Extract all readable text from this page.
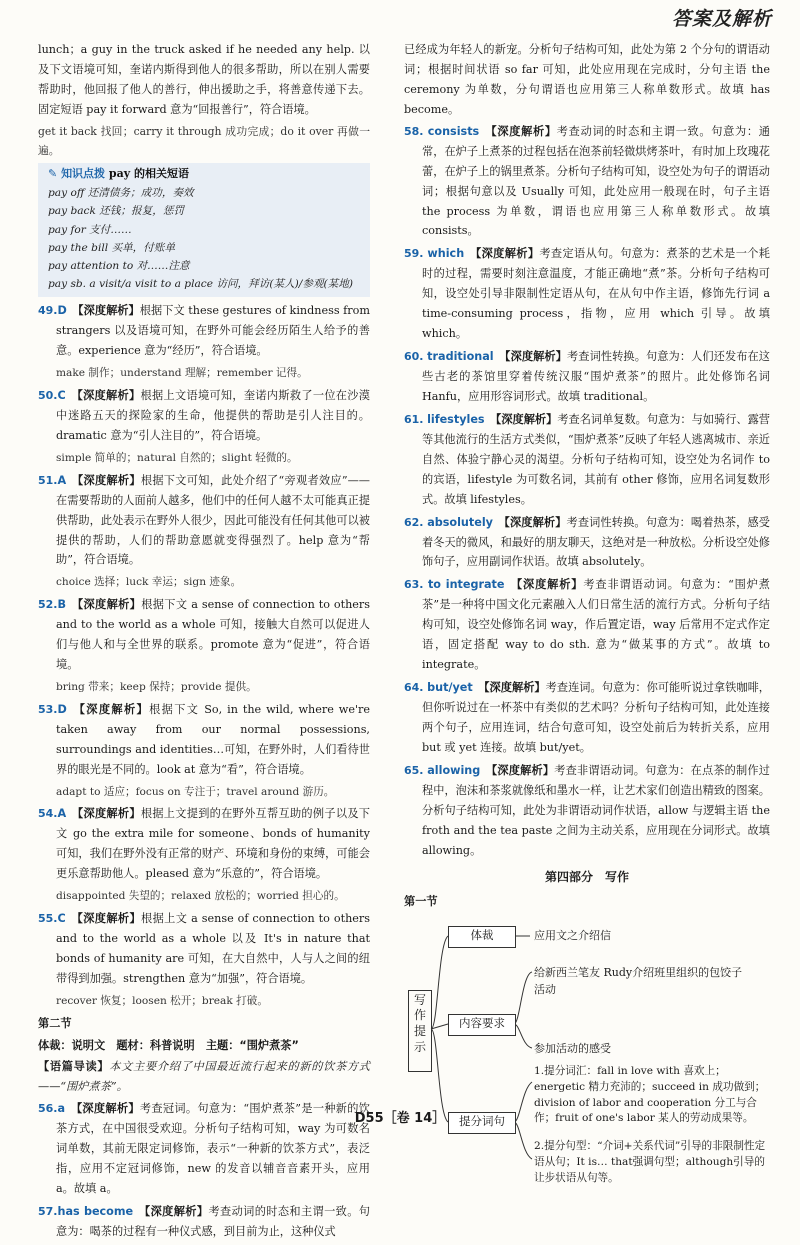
答案及解析

lunch；a guy in the truck asked if he needed any help. 以及下文语境可知，奎诺内斯得到他人的很多帮助，所以在别人需要帮助时，他回报了他人的善行，伸出援助之手，将善意传递下去。固定短语 pay it forward 意为“回报善行”，符合语境。

get it back 找回；carry it through 成功完成；do it over 再做一遍。

✎ 知识点拨 pay 的相关短语
pay off 还清债务；成功，奏效
pay back 还钱；报复，惩罚
pay for 支付……
pay the bill 买单，付账单
pay attention to 对……注意
pay sb. a visit/a visit to a place 访问，拜访(某人)/参观(某地)

49.D 【深度解析】根据下文 these gestures of kindness from strangers 以及语境可知，在野外可能会经历陌生人给予的善意。experience 意为“经历”，符合语境。

make 制作；understand 理解；remember 记得。

50.C 【深度解析】根据上文语境可知，奎诺内斯救了一位在沙漠中迷路五天的探险家的生命，他提供的帮助是引人注目的。dramatic 意为“引人注目的”，符合语境。

simple 简单的；natural 自然的；slight 轻微的。

51.A 【深度解析】根据下文可知，此处介绍了“旁观者效应”——在需要帮助的人面前人越多，他们中的任何人越不太可能真正提供帮助，此处表示在野外人很少，因此可能没有任何其他可以被提供的帮助，人们的帮助意愿就变得强烈了。help 意为“帮助”，符合语境。

choice 选择；luck 幸运；sign 迹象。

52.B 【深度解析】根据下文 a sense of connection to others and to the world as a whole 可知，接触大自然可以促进人们与他人和与全世界的联系。promote 意为“促进”，符合语境。

bring 带来；keep 保持；provide 提供。

53.D 【深度解析】根据下文 So, in the wild, where we're taken away from our normal possessions, surroundings and identities…可知，在野外时，人们看待世界的眼光是不同的。look at 意为“看”，符合语境。

adapt to 适应；focus on 专注于；travel around 游历。

54.A 【深度解析】根据上文提到的在野外互帮互助的例子以及下文 go the extra mile for someone、bonds of humanity 可知，我们在野外没有正常的财产、环境和身份的束缚，可能会更乐意帮助他人。pleased 意为“乐意的”，符合语境。

disappointed 失望的；relaxed 放松的；worried 担心的。

55.C 【深度解析】根据上文 a sense of connection to others and to the world as a whole 以及 It's in nature that bonds of humanity are 可知，在大自然中，人与人之间的纽带得到加强。strengthen 意为“加强”，符合语境。

recover 恢复；loosen 松开；break 打破。

第二节
体裁：说明文　题材：科普说明　主题：“围炉煮茶”

【语篇导读】本文主要介绍了中国最近流行起来的新的饮茶方式——“围炉煮茶”。

56.a 【深度解析】考查冠词。句意为：“围炉煮茶”是一种新的饮茶方式，在中国很受欢迎。分析句子结构可知，way 为可数名词单数，其前无限定词修饰，表示“一种新的饮茶方式”，表泛指，应用不定冠词修饰，new 的发音以辅音音素开头，应用 a。故填 a。

57.has become 【深度解析】考查动词的时态和主谓一致。句意为：喝茶的过程有一种仪式感，到目前为止，这种仪式

已经成为年轻人的新宠。分析句子结构可知，此处为第 2 个分句的谓语动词；根据时间状语 so far 可知，此处应用现在完成时，分句主语 the ceremony 为单数，分句谓语也应用第三人称单数形式。故填 has become。

58. consists 【深度解析】考查动词的时态和主谓一致。句意为：通常，在炉子上煮茶的过程包括在泡茶前轻微烘烤茶叶，有时加上玫瑰花蕾，在炉子上的锅里煮茶。分析句子结构可知，设空处为句子的谓语动词；根据句意以及 Usually 可知，此处应用一般现在时，句子主语 the process 为单数，谓语也应用第三人称单数形式。故填 consists。

59. which 【深度解析】考查定语从句。句意为：煮茶的艺术是一个耗时的过程，需要时刻注意温度，才能正确地“煮”茶。分析句子结构可知，设空处引导非限制性定语从句，在从句中作主语，修饰先行词 a time-consuming process，指物，应用 which 引导。故填 which。

60. traditional 【深度解析】考查词性转换。句意为：人们还发布在这些古老的茶馆里穿着传统汉服“围炉煮茶”的照片。此处修饰名词 Hanfu，应用形容词形式。故填 traditional。

61. lifestyles 【深度解析】考查名词单复数。句意为：与如骑行、露营等其他流行的生活方式类似，“围炉煮茶”反映了年轻人逃离城市、亲近自然、体验宁静心灵的渴望。分析句子结构可知，设空处为名词作 to 的宾语，lifestyle 为可数名词，其前有 other 修饰，应用名词复数形式。故填 lifestyles。

62. absolutely 【深度解析】考查词性转换。句意为：喝着热茶，感受着冬天的微风，和最好的朋友聊天，这绝对是一种放松。分析设空处修饰句子，应用副词作状语。故填 absolutely。

63. to integrate 【深度解析】考查非谓语动词。句意为：“围炉煮茶”是一种将中国文化元素融入人们日常生活的流行方式。分析句子结构可知，设空处修饰名词 way，作后置定语，way 后常用不定式作定语，固定搭配 way to do sth. 意为“做某事的方式”。故填 to integrate。

64. but/yet 【深度解析】考查连词。句意为：你可能听说过拿铁咖啡，但你听说过在一杯茶中有类似的艺术吗？分析句子结构可知，此处连接两个句子，应用连词，结合句意可知，设空处前后为转折关系，应用 but 或 yet 连接。故填 but/yet。

65. allowing 【深度解析】考查非谓语动词。句意为：在点茶的制作过程中，泡沫和茶浆就像纸和墨水一样，让艺术家们创造出精致的图案。分析句子结构可知，此处为非谓语动词作状语，allow 与逻辑主语 the froth and the tea paste 之间为主动关系，应用现在分词形式。故填 allowing。

第四部分　写作
第一节
写作提示
体裁	应用文之介绍信
内容要求
给新西兰笔友 Rudy介绍班里组织的包饺子活动
参加活动的感受
提分词句
1.提分词汇：fall in love with 喜欢上；energetic 精力充沛的；succeed in 成功做到；division of labor and cooperation 分工与合作；fruit of one's labor 某人的劳动成果等。
2.提分句型：“介词+关系代词”引导的非限制性定语从句；It is… that强调句型；although引导的让步状语从句等。
D55［卷 14］
